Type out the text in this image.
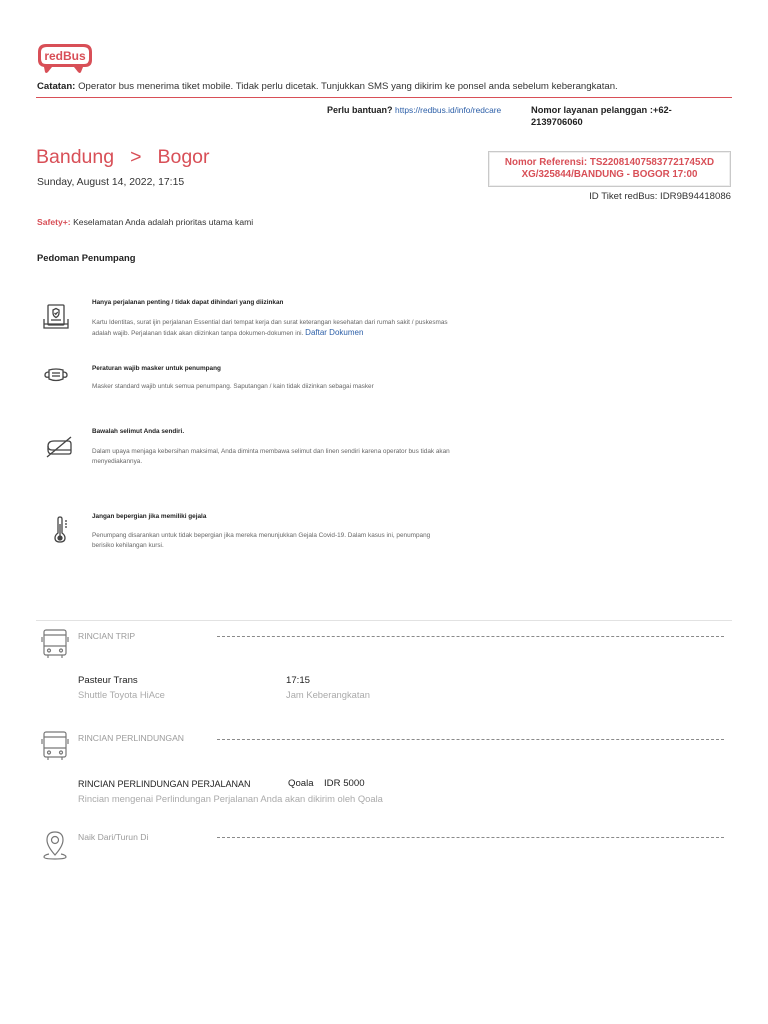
redBus
Catatan: Operator bus menerima tiket mobile. Tidak perlu dicetak. Tunjukkan SMS yang dikirim ke ponsel anda sebelum keberangkatan.
Perlu bantuan? https://redbus.id/info/redcare	Nomor layanan pelanggan :+62-2139706060
Bandung > Bogor
Sunday, August 14, 2022, 17:15
Nomor Referensi: TS220814075837721745XD
XG/325844/BANDUNG - BOGOR 17:00
ID Tiket redBus: IDR9B94418086
Safety+: Keselamatan Anda adalah prioritas utama kami
Pedoman Penumpang
Hanya perjalanan penting / tidak dapat dihindari yang diizinkan
Kartu Identitas, surat ijin perjalanan Essential dari tempat kerja dan surat keterangan kesehatan dari rumah sakit / puskesmas adalah wajib. Perjalanan tidak akan diizinkan tanpa dokumen-dokumen ini. Daftar Dokumen
Peraturan wajib masker untuk penumpang
Masker standard wajib untuk semua penumpang. Saputangan / kain tidak diizinkan sebagai masker
Bawalah selimut Anda sendiri.
Dalam upaya menjaga kebersihan maksimal, Anda diminta membawa selimut dan linen sendiri karena operator bus tidak akan menyediakannya.
Jangan bepergian jika memiliki gejala
Penumpang disarankan untuk tidak bepergian jika mereka menunjukkan Gejala Covid-19. Dalam kasus ini, penumpang berisiko kehilangan kursi.
RINCIAN TRIP
Pasteur Trans
Shuttle Toyota HiAce
17:15
Jam Keberangkatan
RINCIAN PERLINDUNGAN
RINCIAN PERLINDUNGAN PERJALANAN	Qoala IDR 5000
Rincian mengenai Perlindungan Perjalanan Anda akan dikirim oleh Qoala
Naik Dari/Turun Di
